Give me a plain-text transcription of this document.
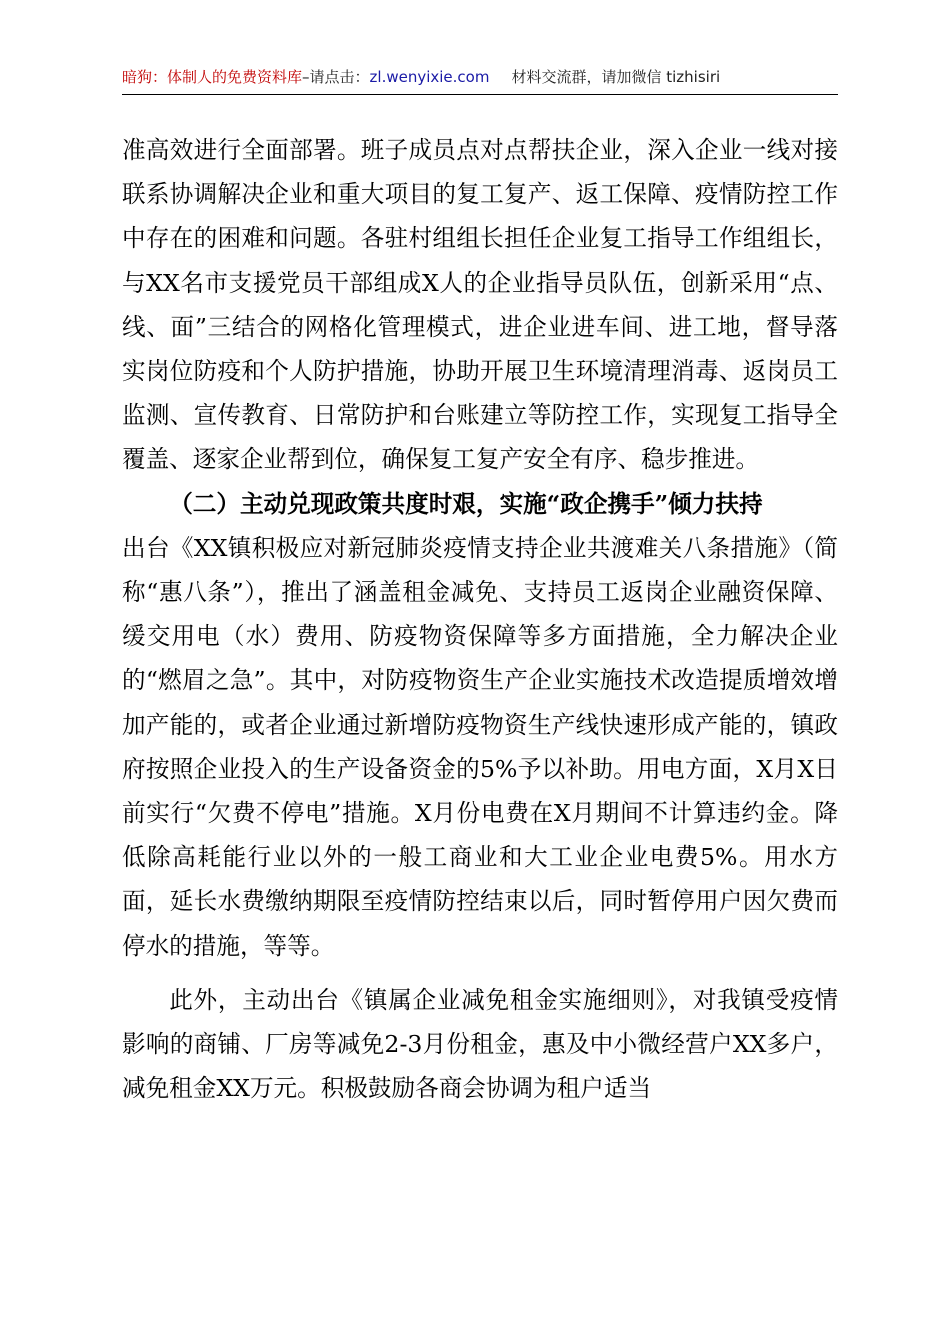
暗狗：体制人的免费资料库–请点击：zl.wenyixie.com 材料交流群，请加微信 tizhisiri

准高效进行全面部署。班子成员点对点帮扶企业，深入企业一线对接联系协调解决企业和重大项目的复工复产、返工保障、疫情防控工作中存在的困难和问题。各驻村组组长担任企业复工指导工作组组长，与XX名市支援党员干部组成X人的企业指导员队伍，创新采用“点、线、面”三结合的网格化管理模式，进企业进车间、进工地，督导落实岗位防疫和个人防护措施，协助开展卫生环境清理消毒、返岗员工监测、宣传教育、日常防护和台账建立等防控工作，实现复工指导全覆盖、逐家企业帮到位，确保复工复产安全有序、稳步推进。

（二）主动兑现政策共度时艰，实施“政企携手”倾力扶持

出台《XX镇积极应对新冠肺炎疫情支持企业共渡难关八条措施》（简称“惠八条”），推出了涵盖租金减免、支持员工返岗企业融资保障、缓交用电（水）费用、防疫物资保障等多方面措施，全力解决企业的“燃眉之急”。其中，对防疫物资生产企业实施技术改造提质增效增加产能的，或者企业通过新增防疫物资生产线快速形成产能的，镇政府按照企业投入的生产设备资金的5%予以补助。用电方面，X月X日前实行“欠费不停电”措施。X月份电费在X月期间不计算违约金。降低除高耗能行业以外的一般工商业和大工业企业电费5%。用水方面，延长水费缴纳期限至疫情防控结束以后，同时暂停用户因欠费而停水的措施，等等。

此外，主动出台《镇属企业减免租金实施细则》，对我镇受疫情影响的商铺、厂房等减免2-3月份租金，惠及中小微经营户XX多户，减免租金XX万元。积极鼓励各商会协调为租户适当
